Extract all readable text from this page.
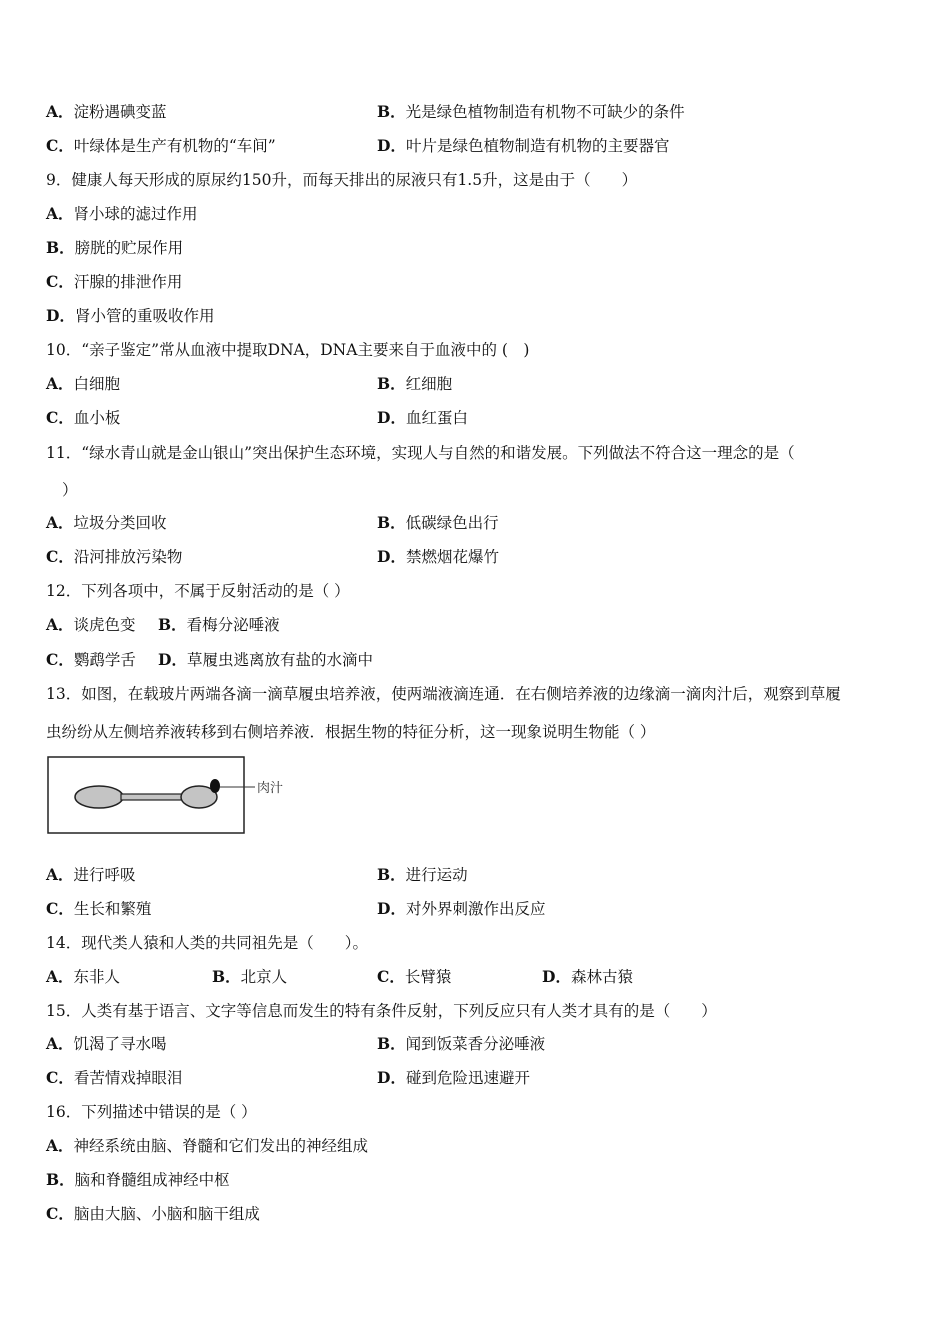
A．淀粉遇碘变蓝	B．光是绿色植物制造有机物不可缺少的条件
C．叶绿体是生产有机物的“车间”	D．叶片是绿色植物制造有机物的主要器官
9．健康人每天形成的原尿约150升，而每天排出的尿液只有1.5升，这是由于（　　）
A．肾小球的滤过作用
B．膀胱的贮尿作用
C．汗腺的排泄作用
D．肾小管的重吸收作用
10．“亲子鉴定”常从血液中提取DNA，DNA主要来自于血液中的 (　)
A．白细胞	B．红细胞
C．血小板	D．血红蛋白
11．“绿水青山就是金山银山”突出保护生态环境，实现人与自然的和谐发展。下列做法不符合这一理念的是（
）
A．垃圾分类回收	B．低碳绿色出行
C．沿河排放污染物	D．禁燃烟花爆竹
12．下列各项中，不属于反射活动的是（ ）
A．谈虎色变 B．看梅分泌唾液
C．鹦鹉学舌 D．草履虫逃离放有盐的水滴中
13．如图，在载玻片两端各滴一滴草履虫培养液，使两端液滴连通．在右侧培养液的边缘滴一滴肉汁后，观察到草履
虫纷纷从左侧培养液转移到右侧培养液．根据生物的特征分析，这一现象说明生物能（ ）
肉汁
A．进行呼吸	B．进行运动
C．生长和繁殖	D．对外界刺激作出反应
14．现代类人猿和人类的共同祖先是（　　）。
A．东非人	B．北京人	C．长臂猿	D．森林古猿
15．人类有基于语言、文字等信息而发生的特有条件反射，下列反应只有人类才具有的是（　　）
A．饥渴了寻水喝	B．闻到饭菜香分泌唾液
C．看苦情戏掉眼泪	D．碰到危险迅速避开
16．下列描述中错误的是（ ）
A．神经系统由脑、脊髓和它们发出的神经组成
B．脑和脊髓组成神经中枢
C．脑由大脑、小脑和脑干组成
